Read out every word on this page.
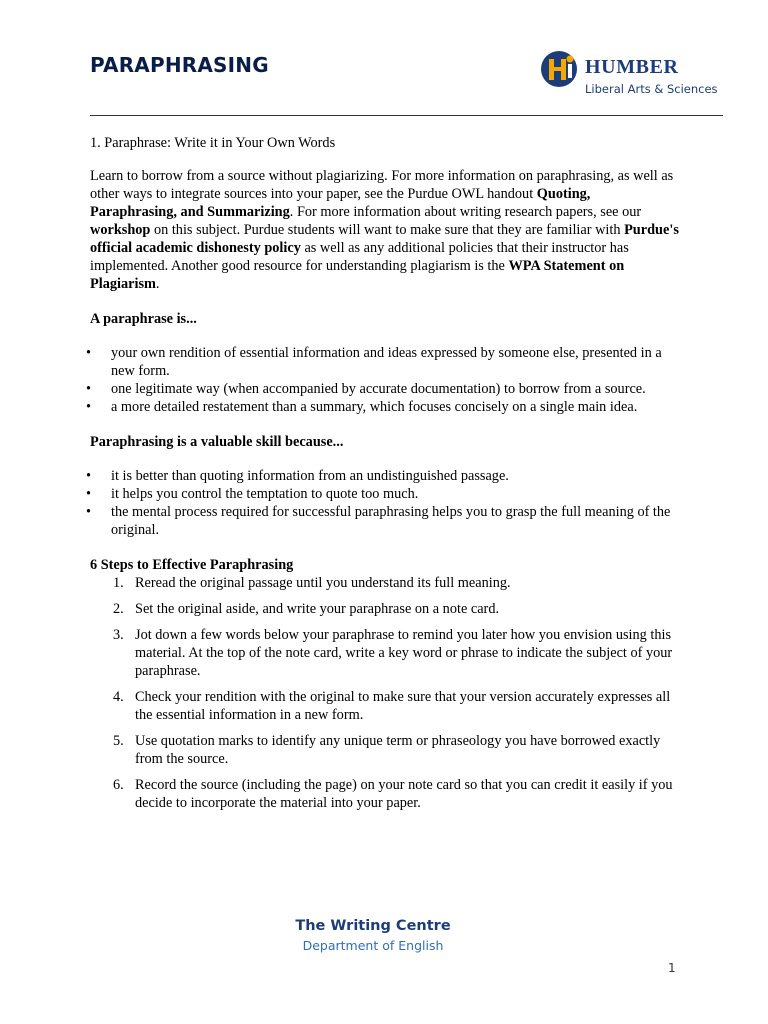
PARAPHRASING	HUMBER
Liberal Arts & Sciences

1. Paraphrase: Write it in Your Own Words

Learn to borrow from a source without plagiarizing. For more information on paraphrasing, as well as other ways to integrate sources into your paper, see the Purdue OWL handout Quoting, Paraphrasing, and Summarizing. For more information about writing research papers, see our workshop on this subject. Purdue students will want to make sure that they are familiar with Purdue's official academic dishonesty policy as well as any additional policies that their instructor has implemented. Another good resource for understanding plagiarism is the WPA Statement on Plagiarism.

A paraphrase is...

• your own rendition of essential information and ideas expressed by someone else, presented in a new form.
• one legitimate way (when accompanied by accurate documentation) to borrow from a source.
• a more detailed restatement than a summary, which focuses concisely on a single main idea.

Paraphrasing is a valuable skill because...

• it is better than quoting information from an undistinguished passage.
• it helps you control the temptation to quote too much.
• the mental process required for successful paraphrasing helps you to grasp the full meaning of the original.

6 Steps to Effective Paraphrasing

1. Reread the original passage until you understand its full meaning.
2. Set the original aside, and write your paraphrase on a note card.
3. Jot down a few words below your paraphrase to remind you later how you envision using this material. At the top of the note card, write a key word or phrase to indicate the subject of your paraphrase.
4. Check your rendition with the original to make sure that your version accurately expresses all the essential information in a new form.
5. Use quotation marks to identify any unique term or phraseology you have borrowed exactly from the source.
6. Record the source (including the page) on your note card so that you can credit it easily if you decide to incorporate the material into your paper.
The Writing Centre
Department of English
1
